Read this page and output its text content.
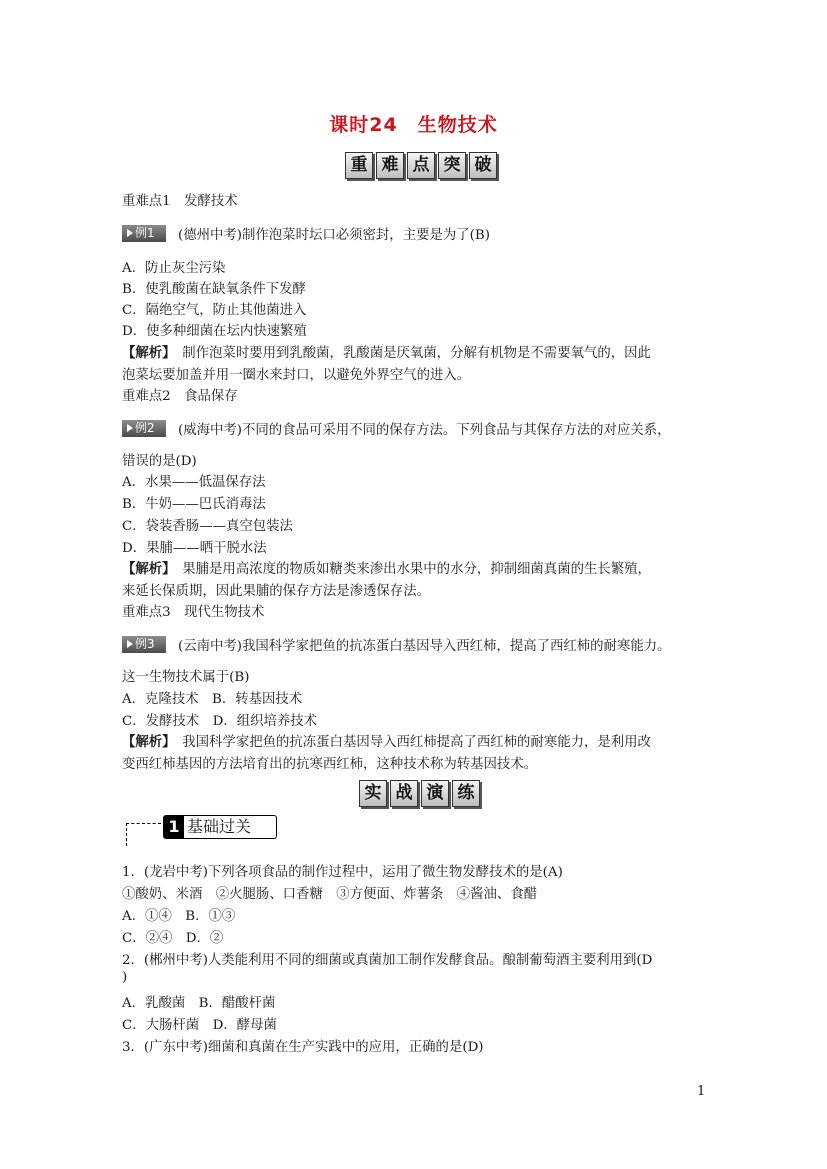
课时24　生物技术
重 难 点 突 破
重难点1　发酵技术
例1 (德州中考)制作泡菜时坛口必须密封，主要是为了(B)
A．防止灰尘污染
B．使乳酸菌在缺氧条件下发酵
C．隔绝空气，防止其他菌进入
D．使多种细菌在坛内快速繁殖
【解析】　制作泡菜时要用到乳酸菌，乳酸菌是厌氧菌，分解有机物是不需要氧气的，因此
泡菜坛要加盖并用一圈水来封口，以避免外界空气的进入。
重难点2　食品保存
例2 (威海中考)不同的食品可采用不同的保存方法。下列食品与其保存方法的对应关系，
错误的是(D)
A．水果——低温保存法
B．牛奶——巴氏消毒法
C．袋装香肠——真空包装法
D．果脯——晒干脱水法
【解析】　果脯是用高浓度的物质如糖类来渗出水果中的水分，抑制细菌真菌的生长繁殖，
来延长保质期，因此果脯的保存方法是渗透保存法。
重难点3　现代生物技术
例3 (云南中考)我国科学家把鱼的抗冻蛋白基因导入西红柿，提高了西红柿的耐寒能力。
这一生物技术属于(B)
A．克隆技术　B．转基因技术
C．发酵技术　D．组织培养技术
【解析】　我国科学家把鱼的抗冻蛋白基因导入西红柿提高了西红柿的耐寒能力，是利用改
变西红柿基因的方法培育出的抗寒西红柿，这种技术称为转基因技术。
实 战 演 练
1 基础过关
1．(龙岩中考)下列各项食品的制作过程中，运用了微生物发酵技术的是(A)
①酸奶、米酒　②火腿肠、口香糖　③方便面、炸薯条　④酱油、食醋
A．①④　B．①③
C．②④　D．②
2．(郴州中考)人类能利用不同的细菌或真菌加工制作发酵食品。酿制葡萄酒主要利用到(D
)
A．乳酸菌　B．醋酸杆菌
C．大肠杆菌　D．酵母菌
3．(广东中考)细菌和真菌在生产实践中的应用，正确的是(D)
1
